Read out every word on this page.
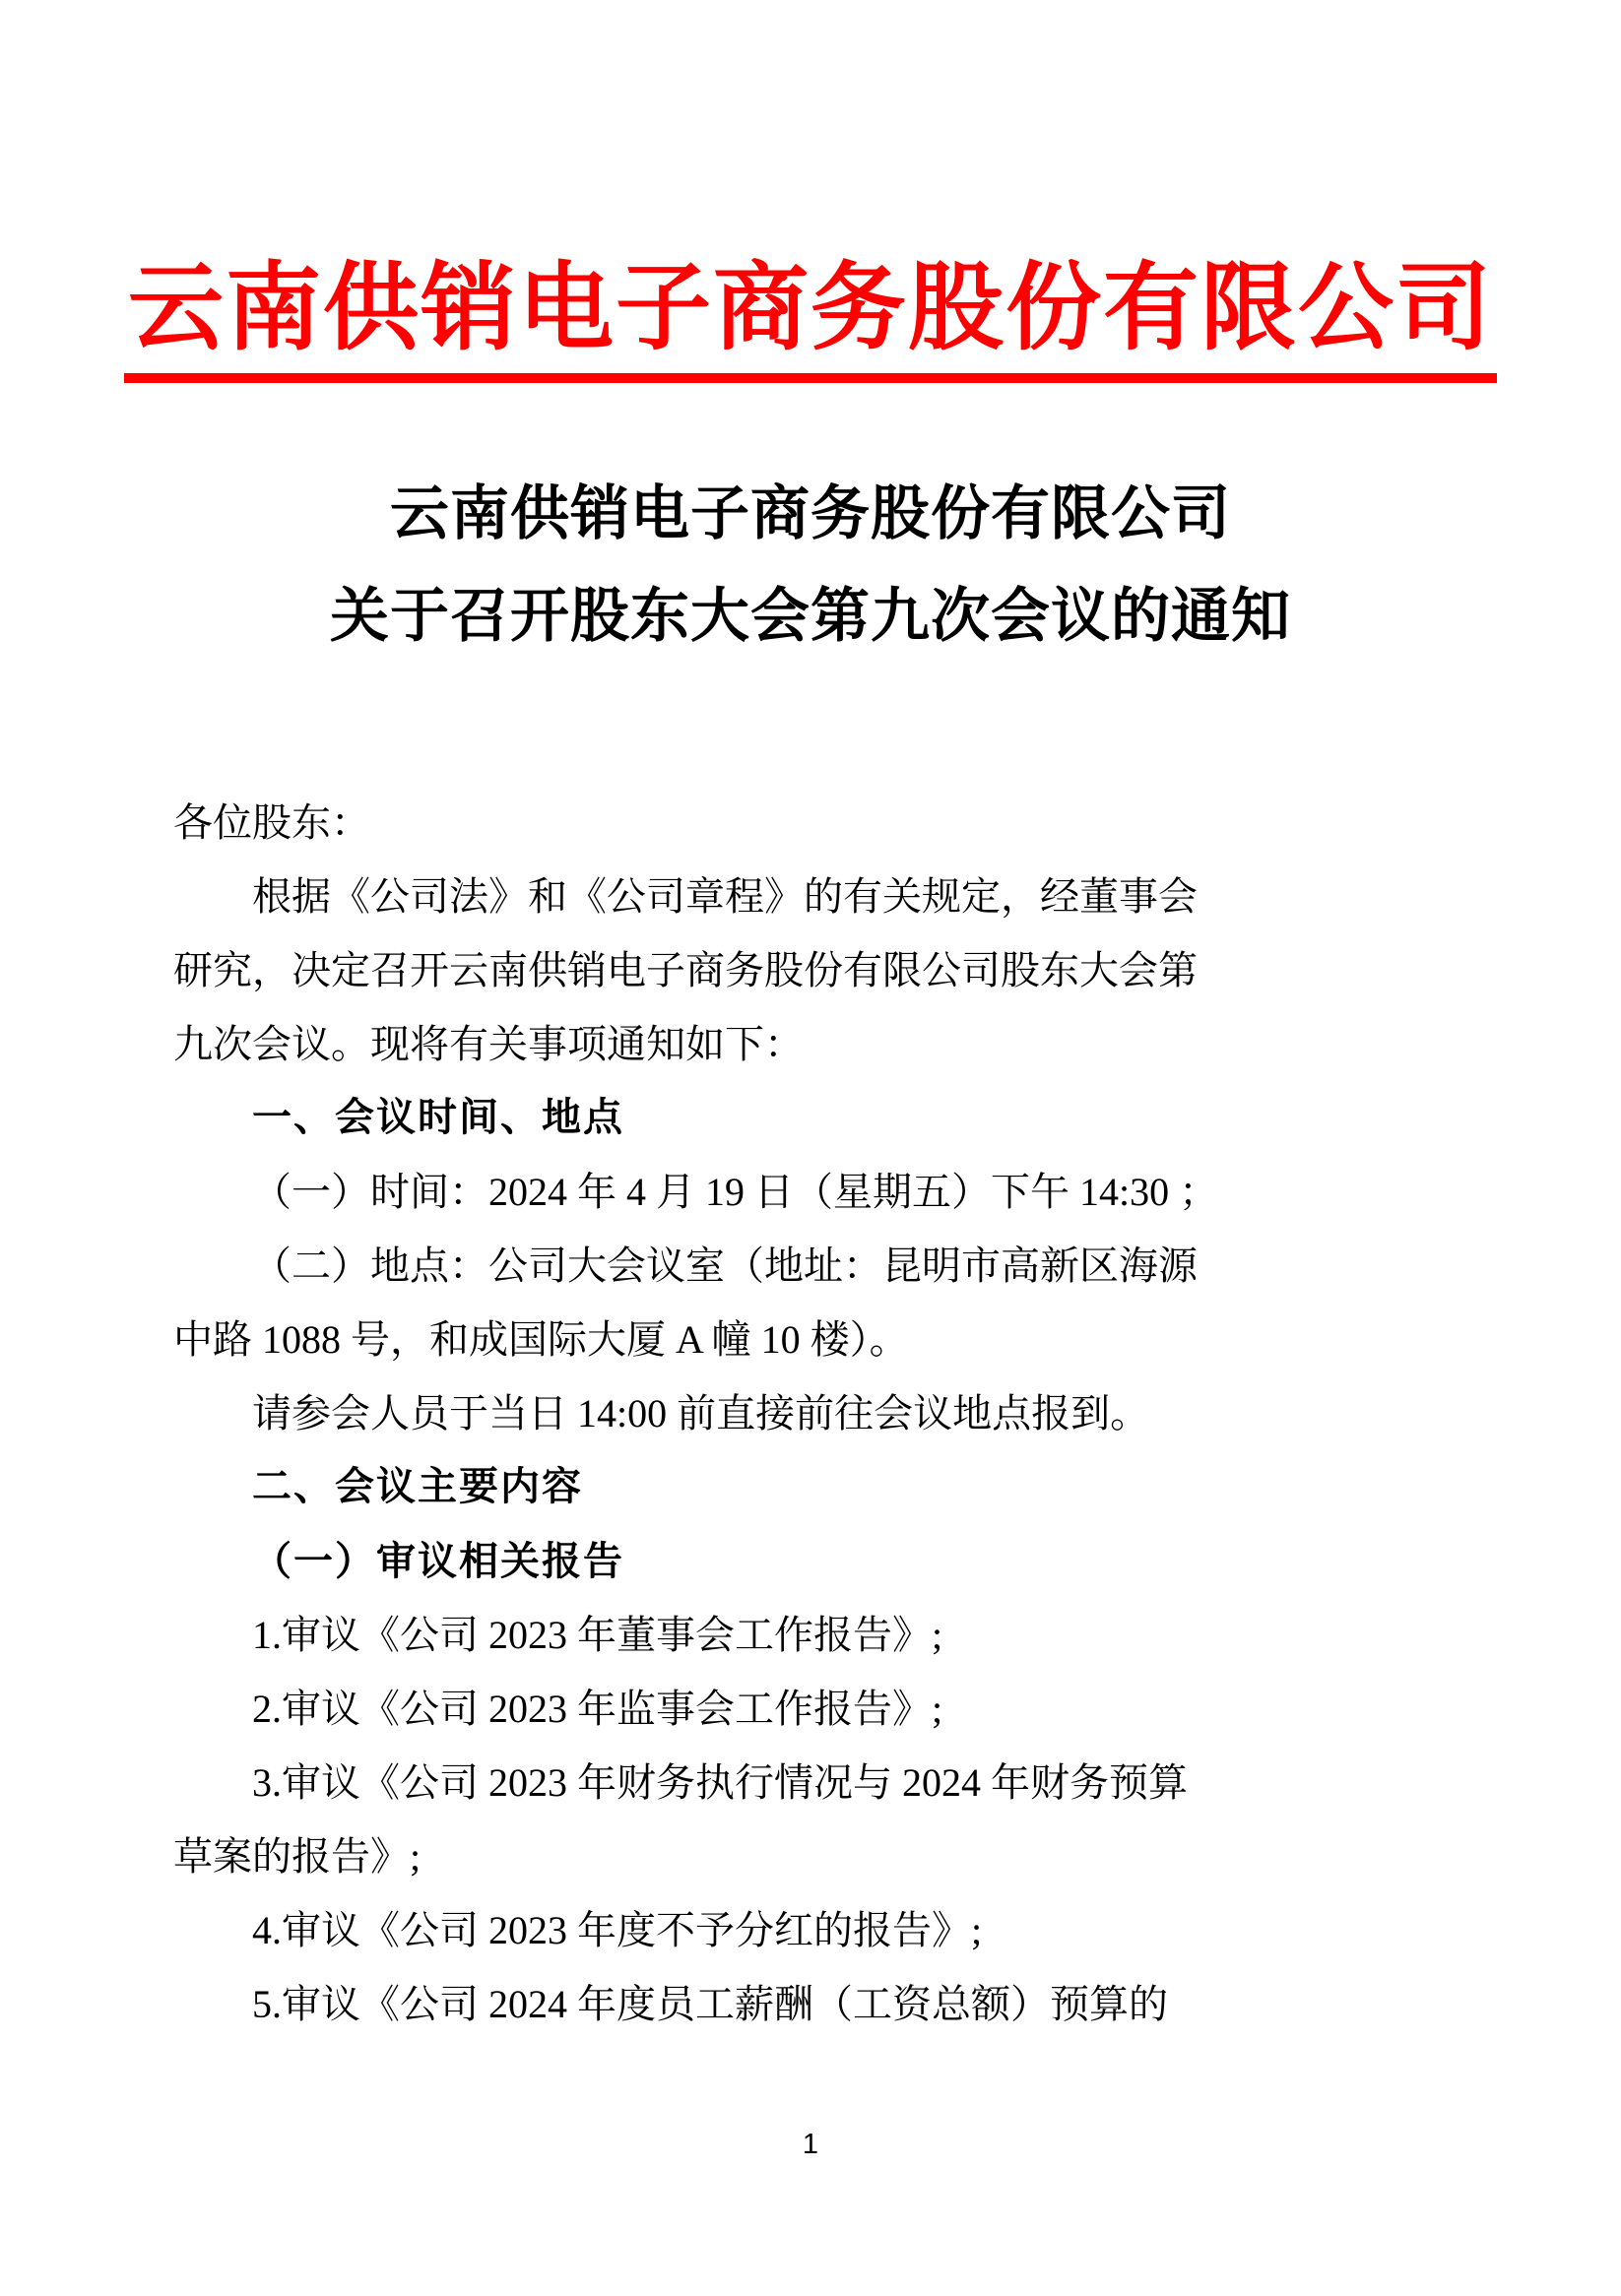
云南供销电子商务股份有限公司
云南供销电子商务股份有限公司
关于召开股东大会第九次会议的通知
各位股东：
根据《公司法》和《公司章程》的有关规定，经董事会
研究，决定召开云南供销电子商务股份有限公司股东大会第
九次会议。现将有关事项通知如下：
一、会议时间、地点
（一）时间：2024 年 4 月 19 日（星期五）下午 14:30 ；
（二）地点：公司大会议室（地址：昆明市高新区海源
中路 1088 号，和成国际大厦 A 幢 10 楼）。
请参会人员于当日 14:00 前直接前往会议地点报到。
二、会议主要内容
（一）审议相关报告
1.审议《公司 2023 年董事会工作报告》;
2.审议《公司 2023 年监事会工作报告》;
3.审议《公司 2023 年财务执行情况与 2024 年财务预算
草案的报告》;
4.审议《公司 2023 年度不予分红的报告》;
5.审议《公司 2024 年度员工薪酬（工资总额）预算的
1
